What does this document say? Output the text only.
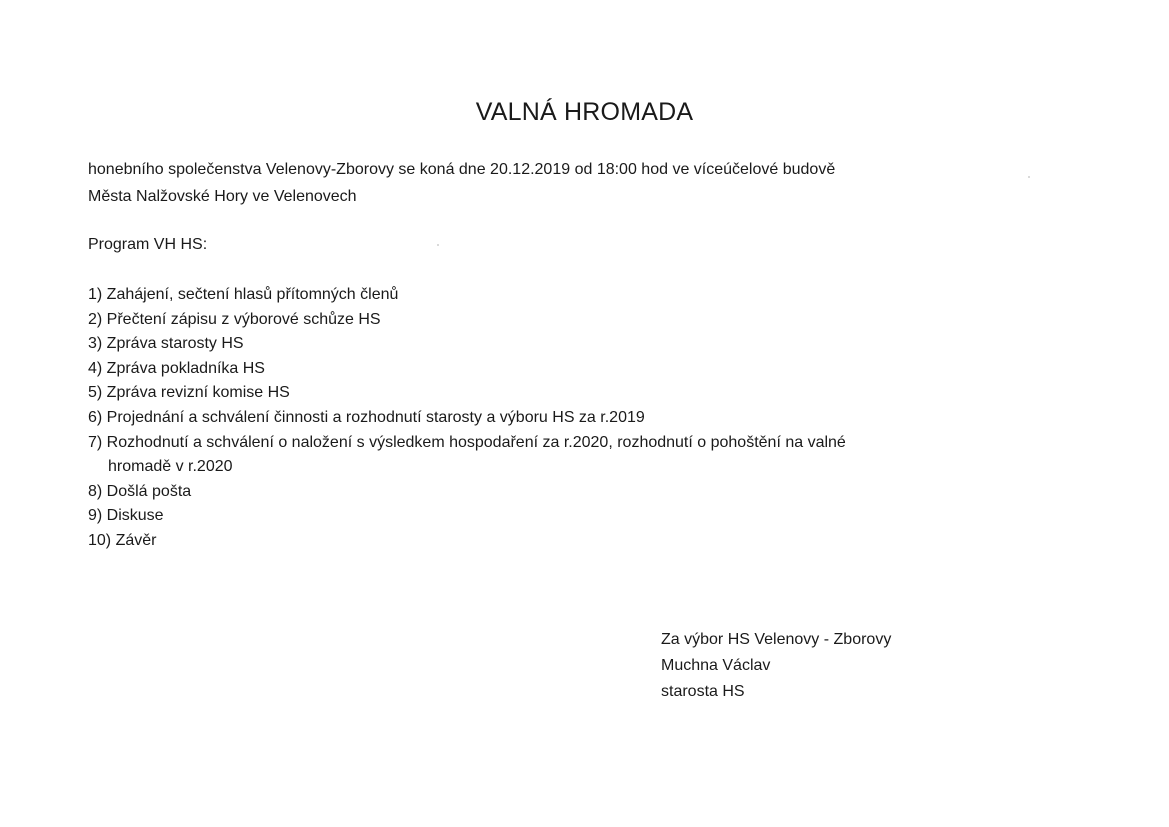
VALNÁ HROMADA

honebního společenstva Velenovy-Zborovy se koná dne 20.12.2019 od 18:00 hod ve víceúčelové budově
Města Nalžovské Hory ve Velenovech

Program VH HS:

1) Zahájení, sečtení hlasů přítomných členů
2) Přečtení zápisu z výborové schůze HS
3) Zpráva starosty HS
4) Zpráva pokladníka HS
5) Zpráva revizní komise HS
6) Projednání a schválení činnosti a rozhodnutí starosty a výboru HS za r.2019
7) Rozhodnutí a schválení o naložení s výsledkem hospodaření za r.2020, rozhodnutí o pohoštění na valné
hromadě v r.2020
8) Došlá pošta
9) Diskuse
10) Závěr
Za výbor HS Velenovy - Zborovy
Muchna Václav
starosta HS
